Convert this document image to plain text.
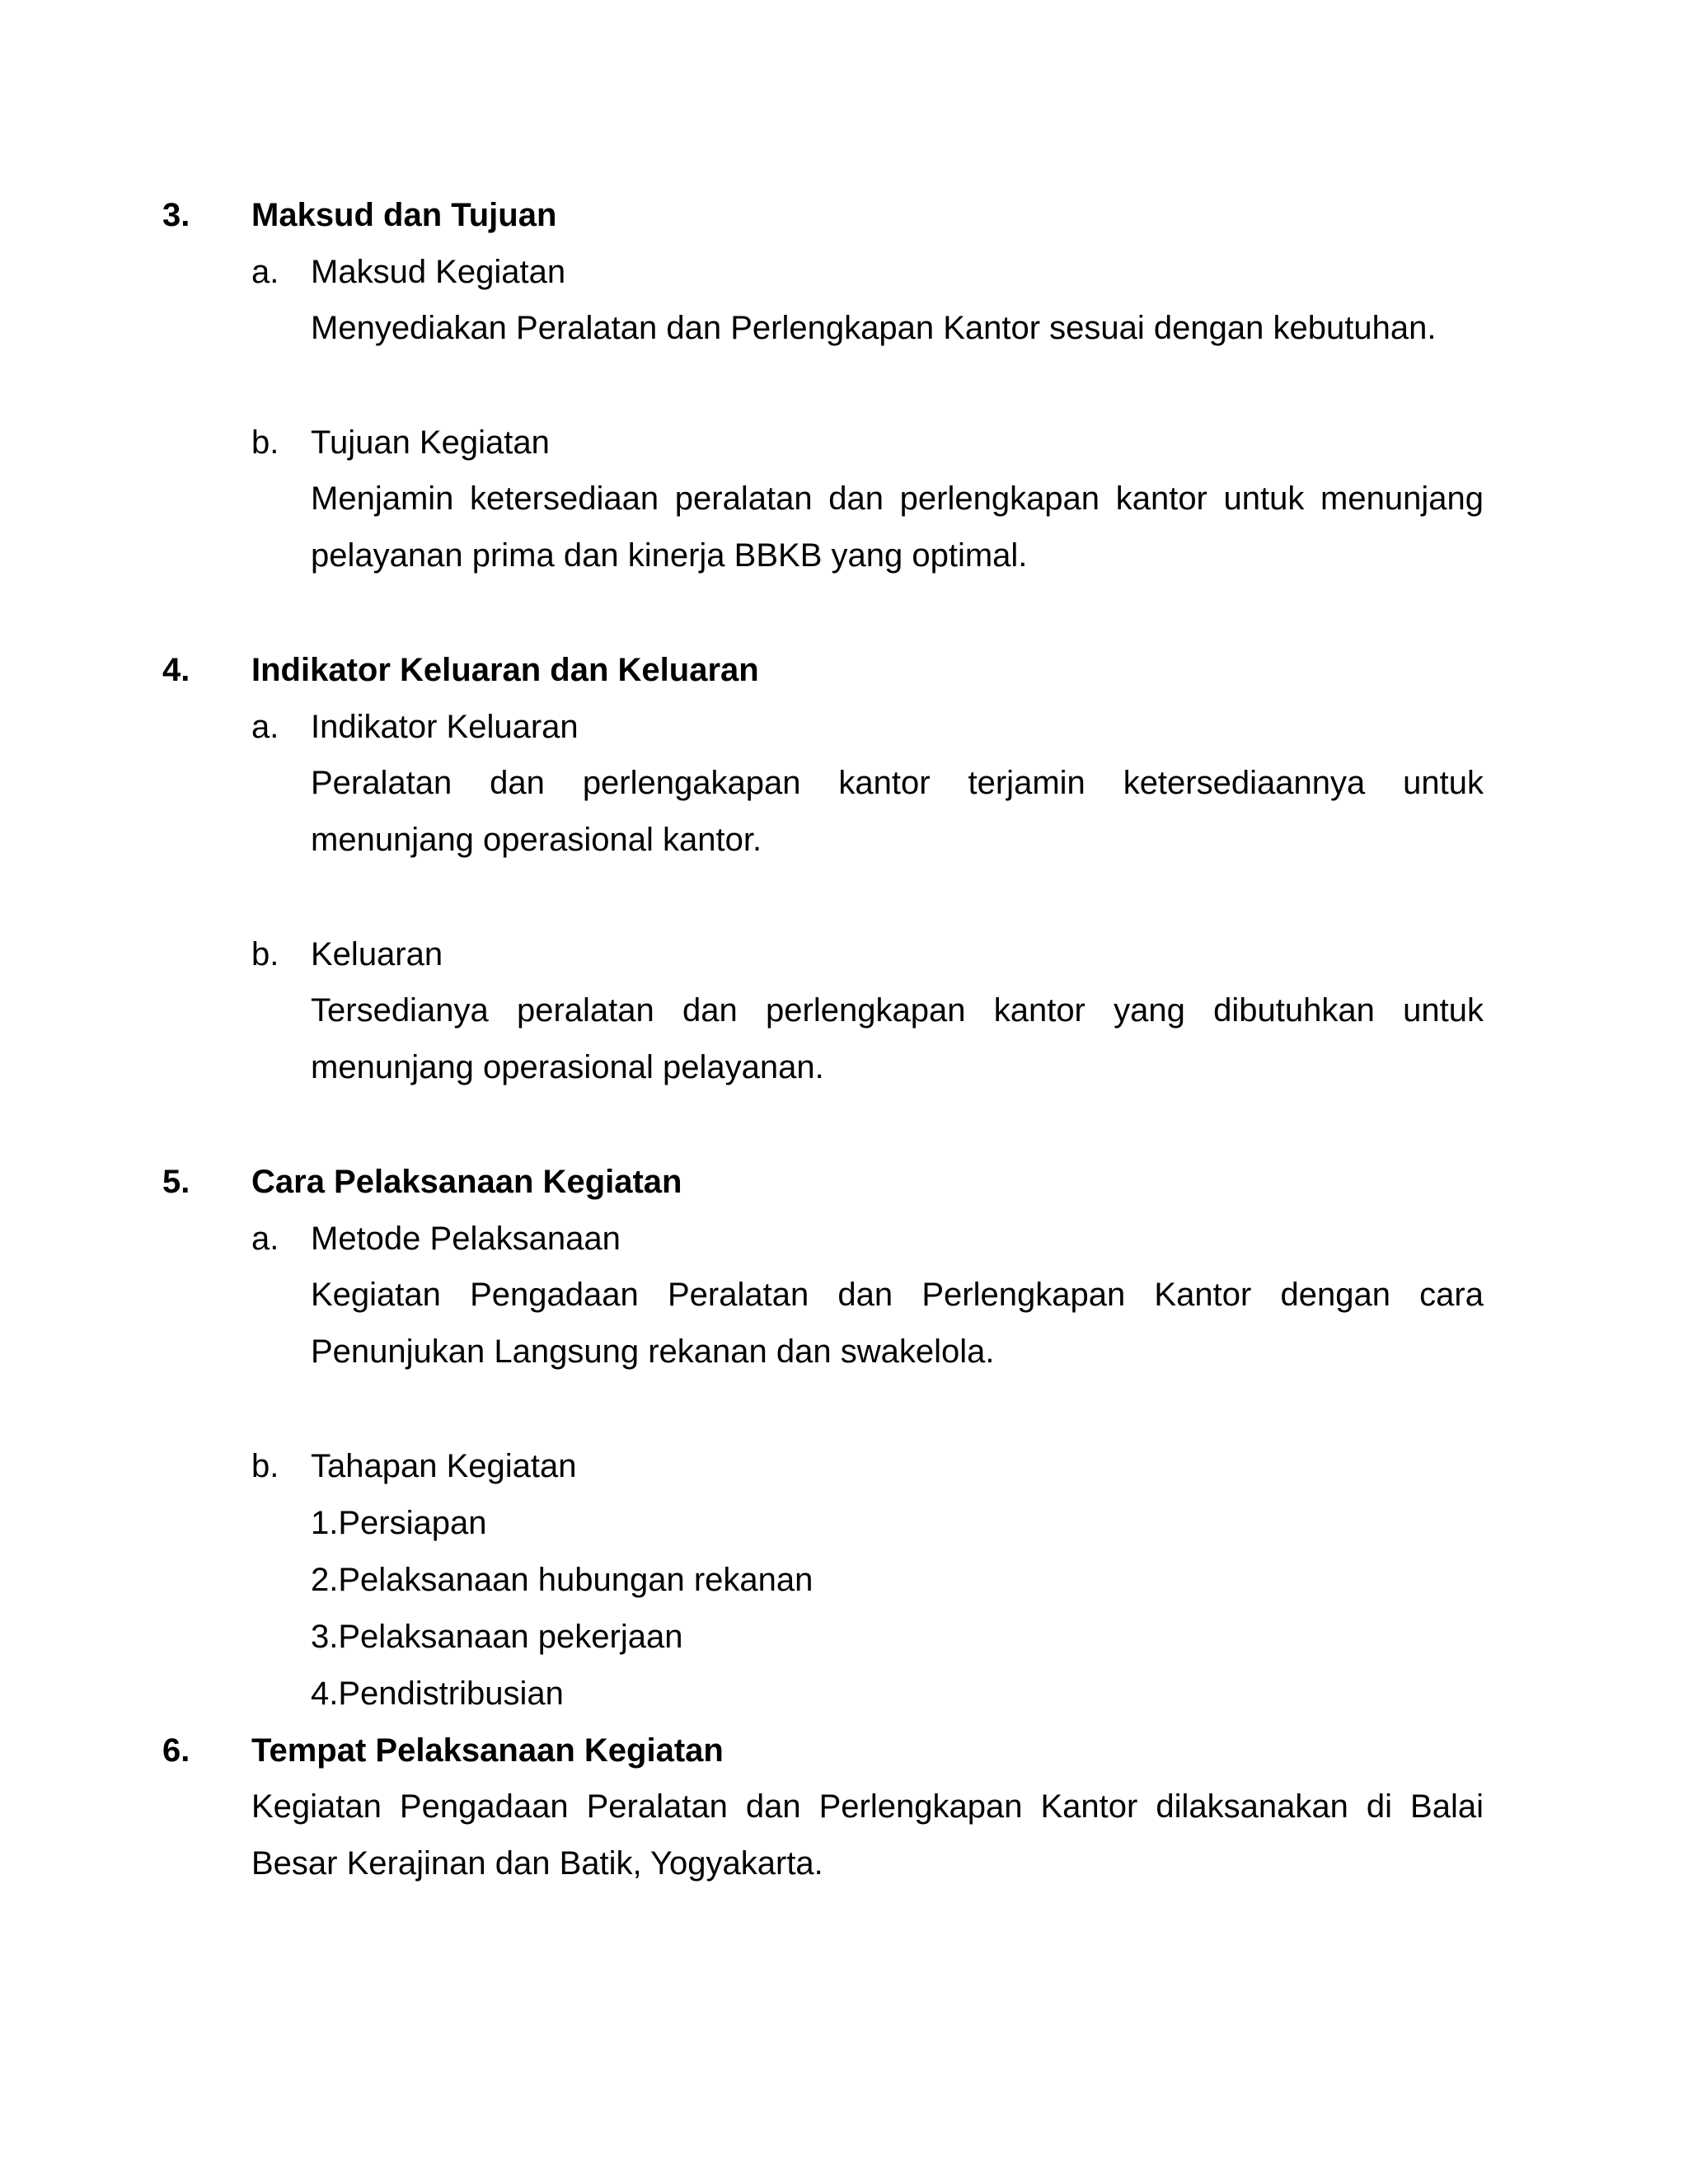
3. Maksud dan Tujuan
a. Maksud Kegiatan
Menyediakan Peralatan dan Perlengkapan Kantor sesuai dengan kebutuhan.
b. Tujuan Kegiatan
Menjamin ketersediaan peralatan dan perlengkapan kantor untuk menunjang pelayanan prima dan kinerja BBKB yang optimal.
4. Indikator Keluaran dan Keluaran
a. Indikator Keluaran
Peralatan dan perlengakapan kantor terjamin ketersediaannya untuk menunjang operasional kantor.
b. Keluaran
Tersedianya peralatan dan perlengkapan kantor yang dibutuhkan untuk menunjang operasional pelayanan.
5. Cara Pelaksanaan Kegiatan
a. Metode Pelaksanaan
Kegiatan Pengadaan Peralatan dan Perlengkapan Kantor dengan cara Penunjukan Langsung rekanan dan swakelola.
b. Tahapan Kegiatan
1.Persiapan
2.Pelaksanaan hubungan rekanan
3.Pelaksanaan pekerjaan
4.Pendistribusian
6. Tempat Pelaksanaan Kegiatan
Kegiatan Pengadaan Peralatan dan Perlengkapan Kantor dilaksanakan di Balai Besar Kerajinan dan Batik, Yogyakarta.
